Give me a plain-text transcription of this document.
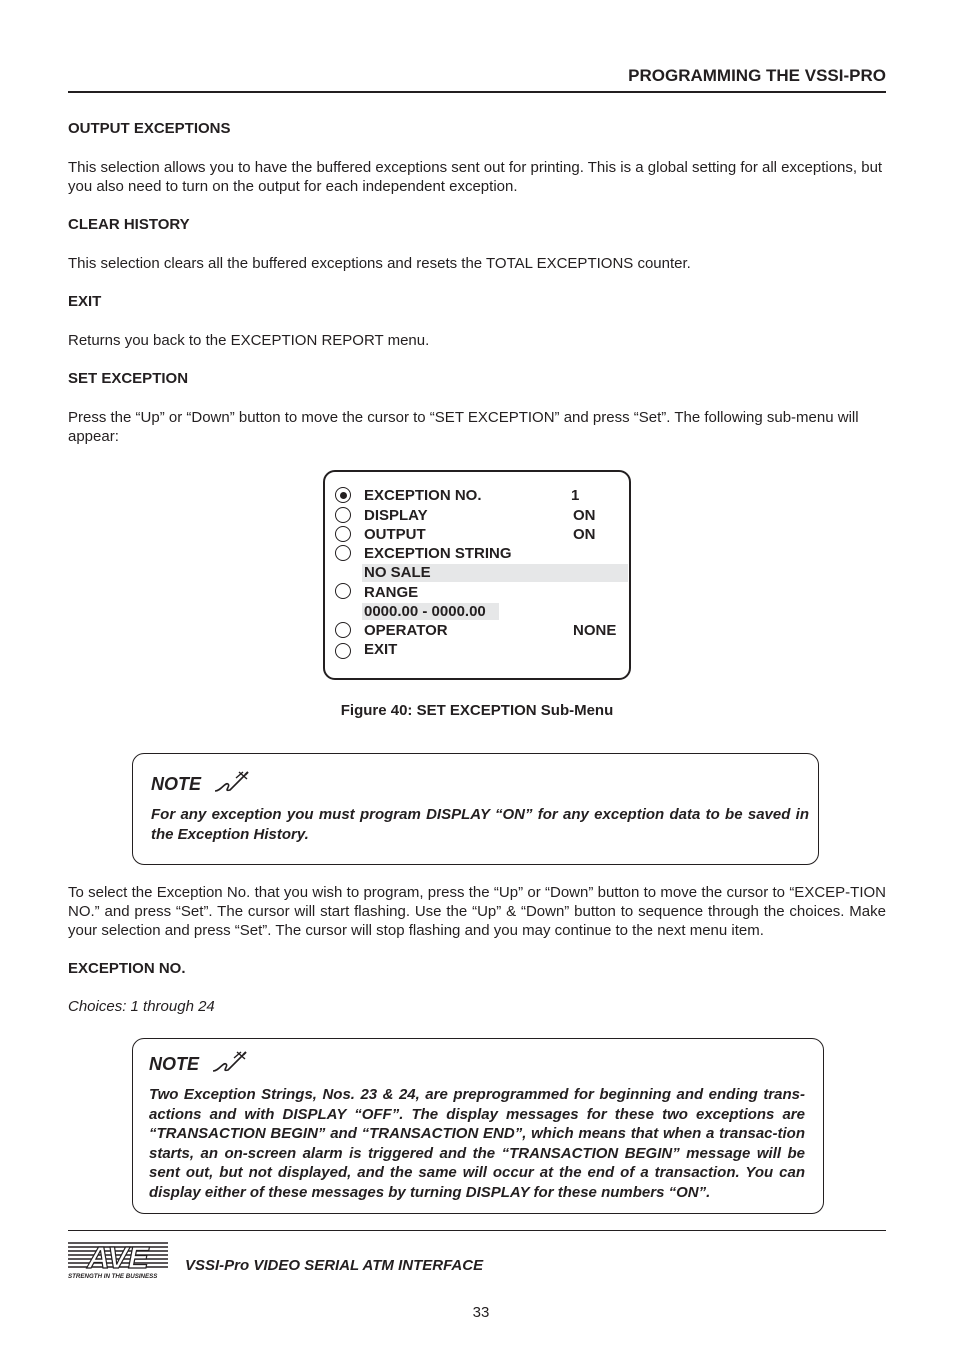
PROGRAMMING THE VSSI-PRO
OUTPUT EXCEPTIONS
This selection allows you to have the buffered exceptions sent out for printing. This is a global setting for all exceptions, but you also need to turn on the output for each independent exception.
CLEAR HISTORY
This selection clears all the buffered exceptions and resets the TOTAL EXCEPTIONS counter.
EXIT
Returns you back to the EXCEPTION REPORT menu.
SET EXCEPTION
Press the “Up” or “Down” button to move the cursor to “SET EXCEPTION” and press “Set”. The following sub-menu will appear:
EXCEPTION NO.	1
DISPLAY	ON
OUTPUT	ON
EXCEPTION STRING
NO SALE
RANGE
0000.00 - 0000.00
OPERATOR	NONE
EXIT
Figure 40: SET EXCEPTION Sub-Menu
NOTE
For any exception you must program DISPLAY “ON” for any exception data to be saved in the Exception History.
To select the Exception No. that you wish to program, press the “Up” or “Down” button to move the cursor to “EXCEP-TION NO.” and press “Set”. The cursor will start flashing. Use the “Up” & “Down” button to sequence through the choices. Make your selection and press “Set”. The cursor will stop flashing and you may continue to the next menu item.
EXCEPTION NO.
Choices: 1 through 24
NOTE
Two Exception Strings, Nos. 23 & 24, are preprogrammed for beginning and ending trans-actions and with DISPLAY “OFF”. The display messages for these two exceptions are “TRANSACTION BEGIN” and “TRANSACTION END”, which means that when a transac-tion starts, an on-screen alarm is triggered and the “TRANSACTION BEGIN” message will be sent out, but not displayed, and the same will occur at the end of a transaction. You can display either of these messages by turning DISPLAY for these numbers “ON”.
AVE
STRENGTH IN THE BUSINESS
VSSI-Pro VIDEO SERIAL ATM INTERFACE
33
